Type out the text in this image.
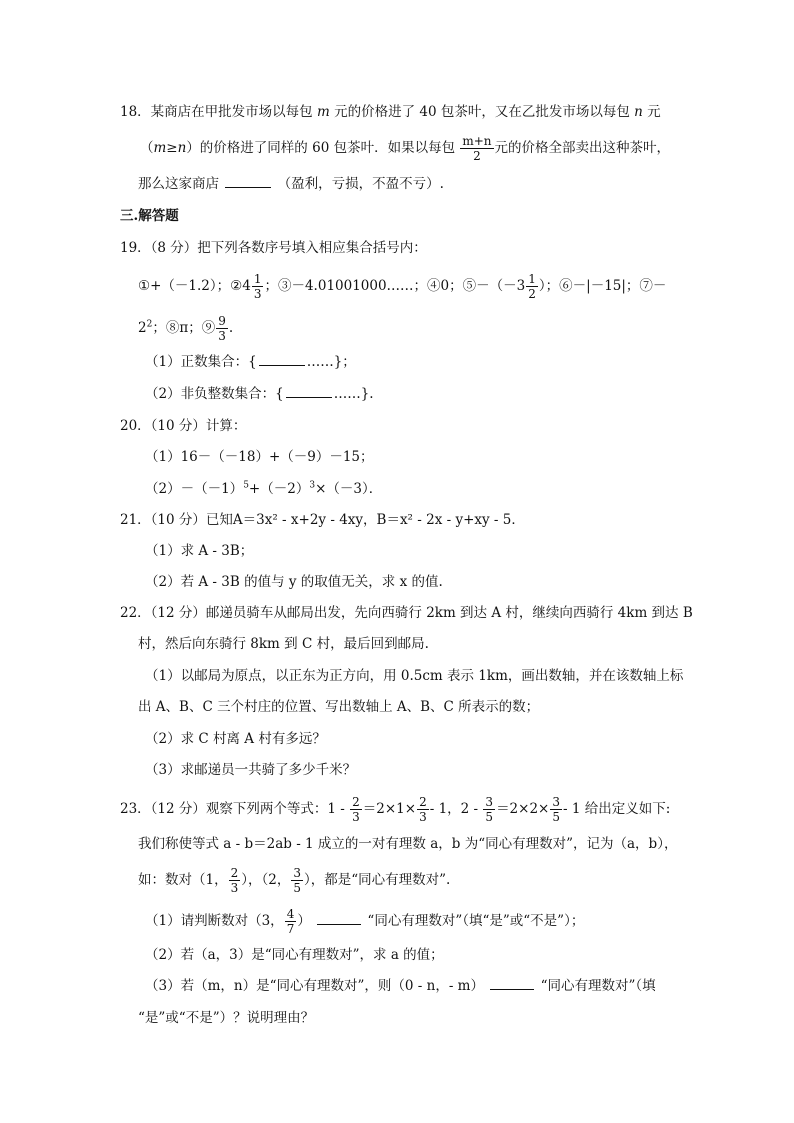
18．某商店在甲批发市场以每包 m 元的价格进了 40 包茶叶，又在乙批发市场以每包 n 元
（m≥n）的价格进了同样的 60 包茶叶．如果以每包 $\frac{m+n}{2}$ 元的价格全部卖出这种茶叶，
那么这家商店	（盈利，亏损，不盈不亏）.
三.解答题
19．（8 分）把下列各数序号填入相应集合括号内：
①+（－1.2）；②4 $\frac{1}{3}$ ；③－4.01001000……；④0；⑤－（－3 $\frac{1}{2}$ ）；⑥－|－15|；⑦－
$2^2$；⑧π；⑨ $\frac{9}{3}$ .
（1）正数集合：{	……}；
（2）非负整数集合：{	……}.
20．（10 分）计算：
（1）16－（－18）+（－9）－15；
$(2)-(-1)^5+(-2)^3\times(-3)$．
21．（10 分）已知A＝3x² - x+2y - 4xy，B＝x² - 2x - y+xy - 5．
（1）求 A - 3B；
（2）若 A - 3B 的值与 y 的取值无关，求 x 的值.
22．（12 分）邮递员骑车从邮局出发，先向西骑行 2km 到达 A 村，继续向西骑行 4km 到达 B
村，然后向东骑行 8km 到 C 村，最后回到邮局.
（1）以邮局为原点，以正东为正方向，用 0.5cm 表示 1km，画出数轴，并在该数轴上标
出 A、B、C 三个村庄的位置、写出数轴上 A、B、C 所表示的数；
（2）求 C 村离 A 村有多远？
（3）求邮递员一共骑了多少千米？
23．（12 分）观察下列两个等式：$1 - \frac{2}{3} =2\times 1\times \frac{2}{3} - 1$，$2 - \frac{3}{5} =2\times 2\times \frac{3}{5} - 1$ 给出定义如下:
我们称使等式 a - b＝2ab - 1 成立的一对有理数 a，b 为“同心有理数对”，记为（a，b），
如：数对（1， $\frac{2}{3}$ ），（2， $\frac{3}{5}$ ），都是“同心有理数对”.
（1）请判断数对（3， $\frac{4}{7}$ ）	“同心有理数对”（填“是”或“不是”）；
（2）若（a，3）是“同心有理数对”，求 a 的值；
（3）若（m，n）是“同心有理数对”，则（0 - n，- m）	“同心有理数对”（填
“是”或“不是”）？说明理由？
